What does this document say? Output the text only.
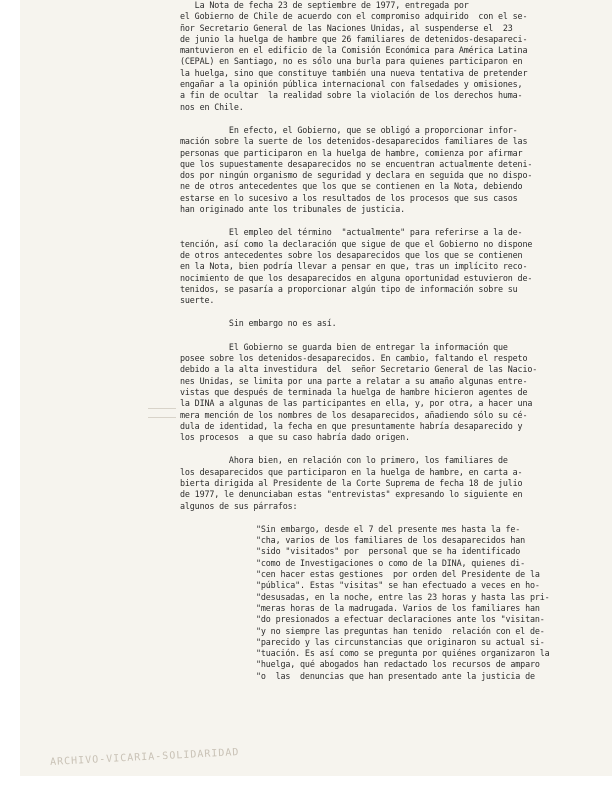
La Nota de fecha 23 de septiembre de 1977, entregada por
el Gobierno de Chile de acuerdo con el compromiso adquirido  con el se-
ñor Secretario General de las Naciones Unidas, al suspenderse el  23
de junio la huelga de hambre que 26 familiares de detenidos-desapareci-
mantuvieron en el edificio de la Comisión Económica para América Latina
(CEPAL) en Santiago, no es sólo una burla para quienes participaron en
la huelga, sino que constituye también una nueva tentativa de pretender
engañar a la opinión pública internacional con falsedades y omisiones,
a fin de ocultar  la realidad sobre la violación de los derechos huma-
nos en Chile.
En efecto, el Gobierno, que se obligó a proporcionar infor-
mación sobre la suerte de los detenidos-desaparecidos familiares de las
personas que participaron en la huelga de hambre, comienza por afirmar
que los supuestamente desaparecidos no se encuentran actualmente deteni-
dos por ningún organismo de seguridad y declara en seguida que no dispo-
ne de otros antecedentes que los que se contienen en la Nota, debiendo
estarse en lo sucesivo a los resultados de los procesos que sus casos
han originado ante los tribunales de justicia.
El empleo del término  "actualmente" para referirse a la de-
tención, así como la declaración que sigue de que el Gobierno no dispone
de otros antecedentes sobre los desaparecidos que los que se contienen
en la Nota, bien podría llevar a pensar en que, tras un implícito reco-
nocimiento de que los desaparecidos en alguna oportunidad estuvieron de-
tenidos, se pasaría a proporcionar algún tipo de información sobre su
suerte.
Sin embargo no es así.
El Gobierno se guarda bien de entregar la información que
posee sobre los detenidos-desaparecidos. En cambio, faltando el respeto
debido a la alta investidura  del  señor Secretario General de las Nacio-
nes Unidas, se limita por una parte a relatar a su amaño algunas entre-
vistas que después de terminada la huelga de hambre hicieron agentes de
la DINA a algunas de las participantes en ella, y, por otra, a hacer una
mera mención de los nombres de los desaparecidos, añadiendo sólo su cé-
dula de identidad, la fecha en que presuntamente habría desaparecido y
los procesos  a que su caso habría dado origen.
Ahora bien, en relación con lo primero, los familiares de
los desaparecidos que participaron en la huelga de hambre, en carta a-
bierta dirigida al Presidente de la Corte Suprema de fecha 18 de julio
de 1977, le denunciaban estas "entrevistas" expresando lo siguiente en
algunos de sus párrafos:
"Sin embargo, desde el 7 del presente mes hasta la fe-
"cha, varios de los familiares de los desaparecidos han
"sido "visitados" por  personal que se ha identificado
"como de Investigaciones o como de la DINA, quienes di-
"cen hacer estas gestiones  por orden del Presidente de la
"pública". Estas "visitas" se han efectuado a veces en ho-
"desusadas, en la noche, entre las 23 horas y hasta las pri-
"meras horas de la madrugada. Varios de los familiares han
"do presionados a efectuar declaraciones ante los "visitan-
"y no siempre las preguntas han tenido  relación con el de-
"parecido y las circunstancias que originaron su actual si-
"tuación. Es así como se pregunta por quiénes organizaron la
"huelga, qué abogados han redactado los recursos de amparo
"o  las  denuncias que han presentado ante la justicia de
ARCHIVO-VICARIA-SOLIDARIDAD
